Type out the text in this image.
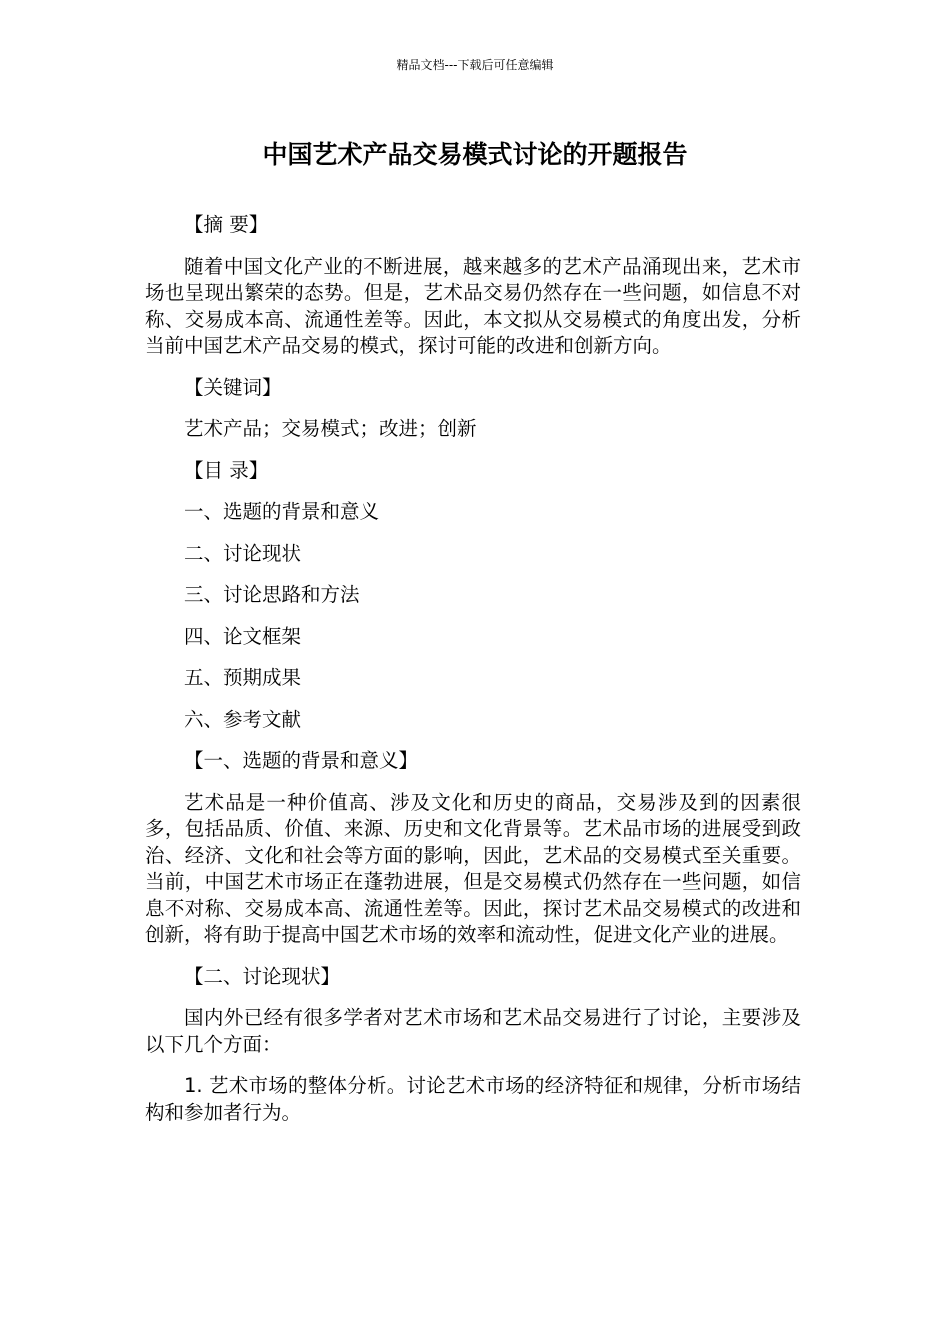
精品文档---下载后可任意编辑
中国艺术产品交易模式讨论的开题报告

【摘 要】

随着中国文化产业的不断进展，越来越多的艺术产品涌现出来，艺术市场也呈现出繁荣的态势。但是，艺术品交易仍然存在一些问题，如信息不对称、交易成本高、流通性差等。因此，本文拟从交易模式的角度出发，分析当前中国艺术产品交易的模式，探讨可能的改进和创新方向。

【关键词】

艺术产品；交易模式；改进；创新

【目 录】

一、选题的背景和意义

二、讨论现状

三、讨论思路和方法

四、论文框架

五、预期成果

六、参考文献

【一、选题的背景和意义】

艺术品是一种价值高、涉及文化和历史的商品，交易涉及到的因素很多，包括品质、价值、来源、历史和文化背景等。艺术品市场的进展受到政治、经济、文化和社会等方面的影响，因此，艺术品的交易模式至关重要。当前，中国艺术市场正在蓬勃进展，但是交易模式仍然存在一些问题，如信息不对称、交易成本高、流通性差等。因此，探讨艺术品交易模式的改进和创新，将有助于提高中国艺术市场的效率和流动性，促进文化产业的进展。

【二、讨论现状】

国内外已经有很多学者对艺术市场和艺术品交易进行了讨论，主要涉及以下几个方面：

1. 艺术市场的整体分析。讨论艺术市场的经济特征和规律，分析市场结构和参加者行为。
